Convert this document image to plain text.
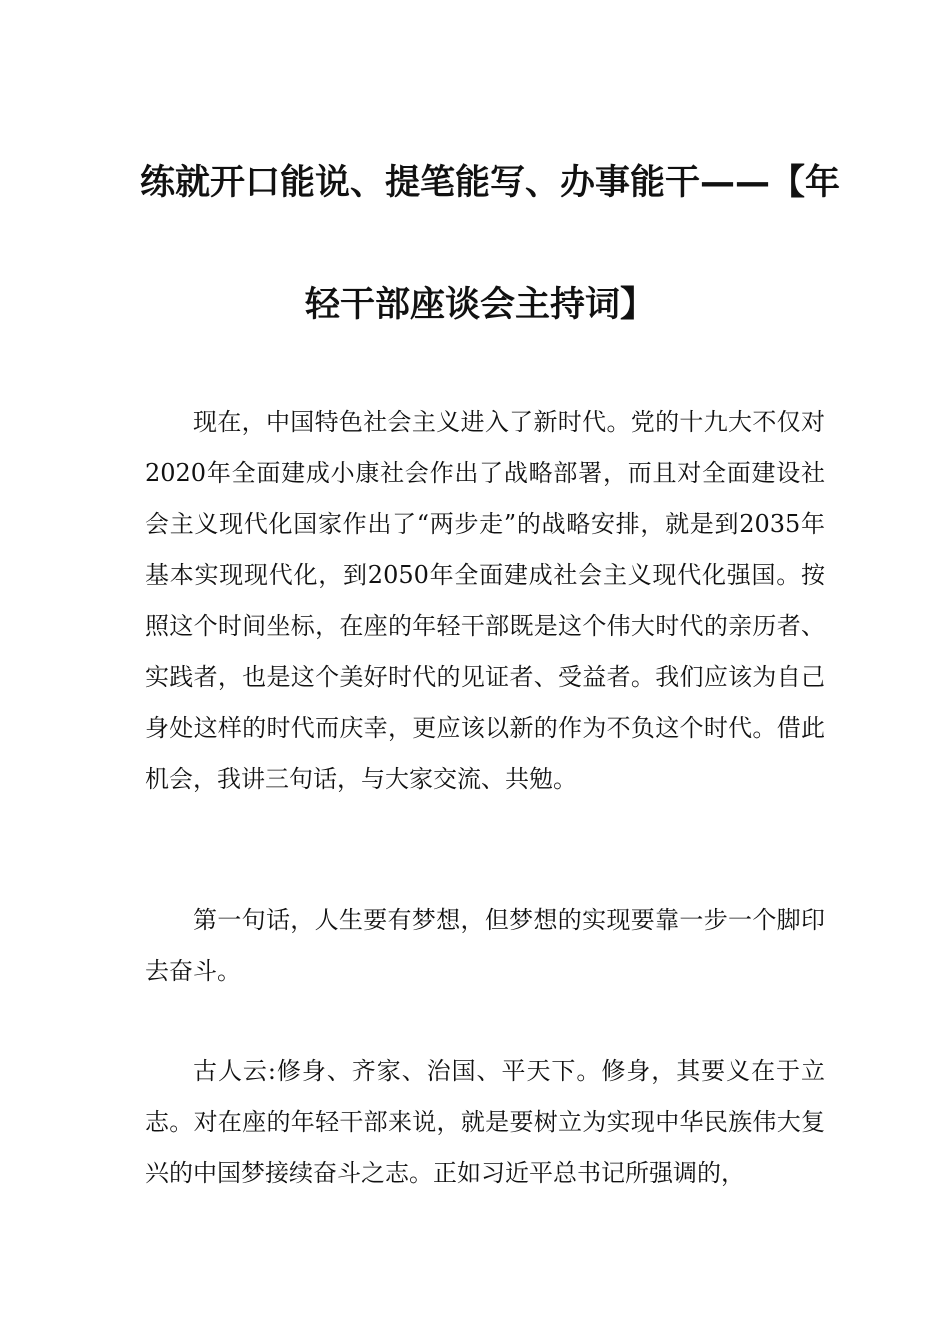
练就开口能说、提笔能写、办事能干——【年
轻干部座谈会主持词】

现在，中国特色社会主义进入了新时代。党的十九大不仅对2020年全面建成小康社会作出了战略部署，而且对全面建设社会主义现代化国家作出了“两步走”的战略安排，就是到2035年基本实现现代化，到2050年全面建成社会主义现代化强国。按照这个时间坐标，在座的年轻干部既是这个伟大时代的亲历者、实践者，也是这个美好时代的见证者、受益者。我们应该为自己身处这样的时代而庆幸，更应该以新的作为不负这个时代。借此机会，我讲三句话，与大家交流、共勉。

第一句话，人生要有梦想，但梦想的实现要靠一步一个脚印去奋斗。

古人云:修身、齐家、治国、平天下。修身，其要义在于立志。对在座的年轻干部来说，就是要树立为实现中华民族伟大复兴的中国梦接续奋斗之志。正如习近平总书记所强调的，
